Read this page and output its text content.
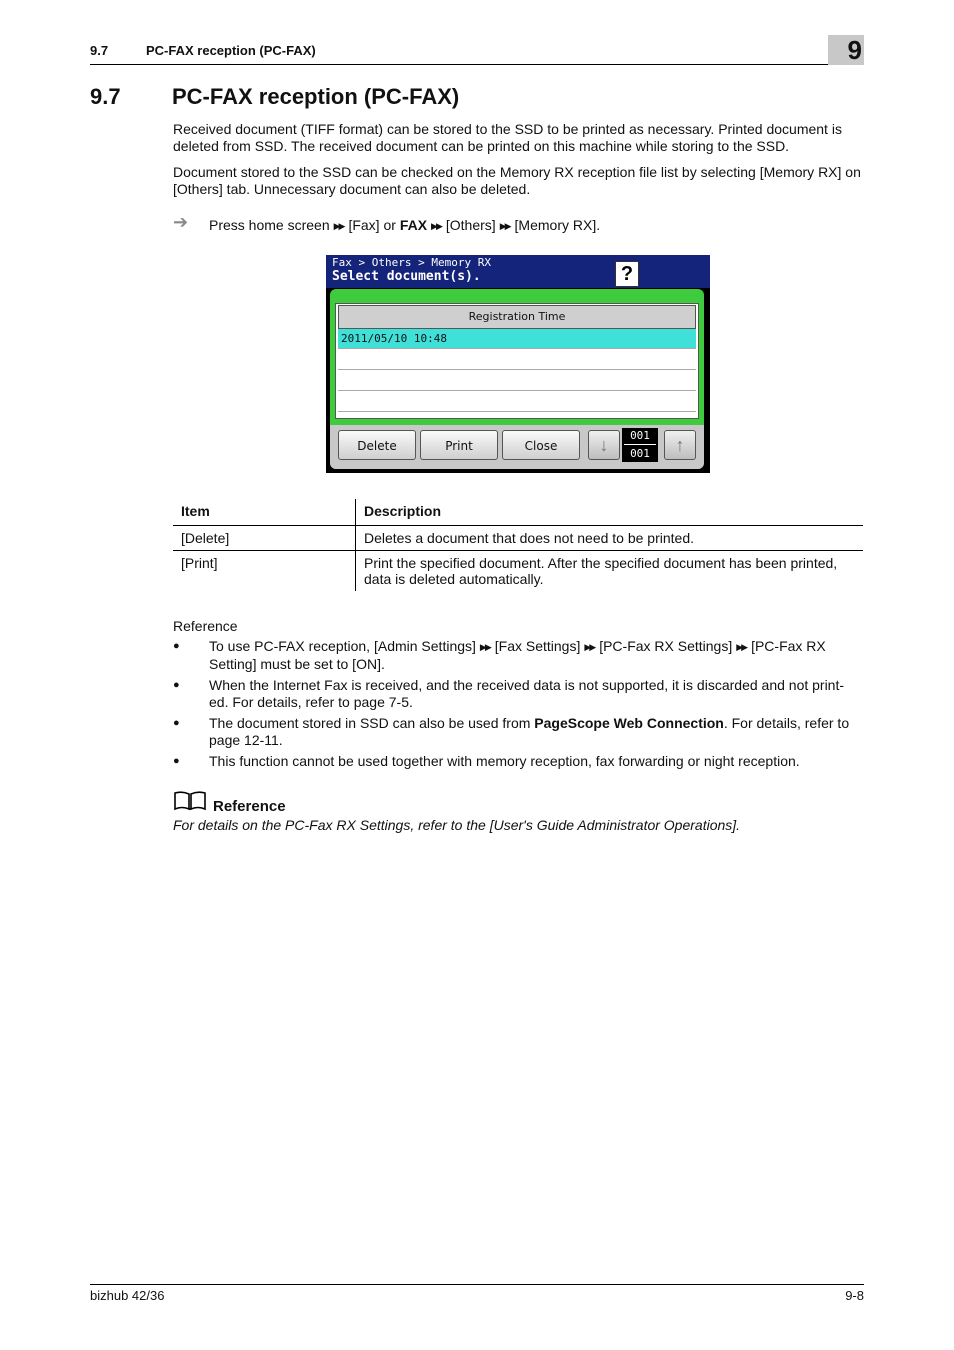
9.7	PC-FAX reception (PC-FAX)	9
9.7 PC-FAX reception (PC-FAX)
Received document (TIFF format) can be stored to the SSD to be printed as necessary. Printed document is deleted from SSD. The received document can be printed on this machine while storing to the SSD.
Document stored to the SSD can be checked on the Memory RX reception file list by selecting [Memory RX] on [Others] tab. Unnecessary document can also be deleted.
➔ Press home screen ▶▶ [Fax] or FAX ▶▶ [Others] ▶▶ [Memory RX].
Fax > Others > Memory RX
Select document(s).	?
Registration Time
2011/05/10 10:48
Delete	Print	Close	↓	001
001	↑
Item	Description
[Delete]	Deletes a document that does not need to be printed.
[Print]	Print the specified document. After the specified document has been printed, data is deleted automatically.
Reference
● To use PC-FAX reception, [Admin Settings] ▶▶ [Fax Settings] ▶▶ [PC-Fax RX Settings] ▶▶ [PC-Fax RX Setting] must be set to [ON].
● When the Internet Fax is received, and the received data is not supported, it is discarded and not print-ed. For details, refer to page 7-5.
● The document stored in SSD can also be used from PageScope Web Connection. For details, refer to page 12-11.
● This function cannot be used together with memory reception, fax forwarding or night reception.
Reference
For details on the PC-Fax RX Settings, refer to the [User's Guide Administrator Operations].
bizhub 42/36	9-8
